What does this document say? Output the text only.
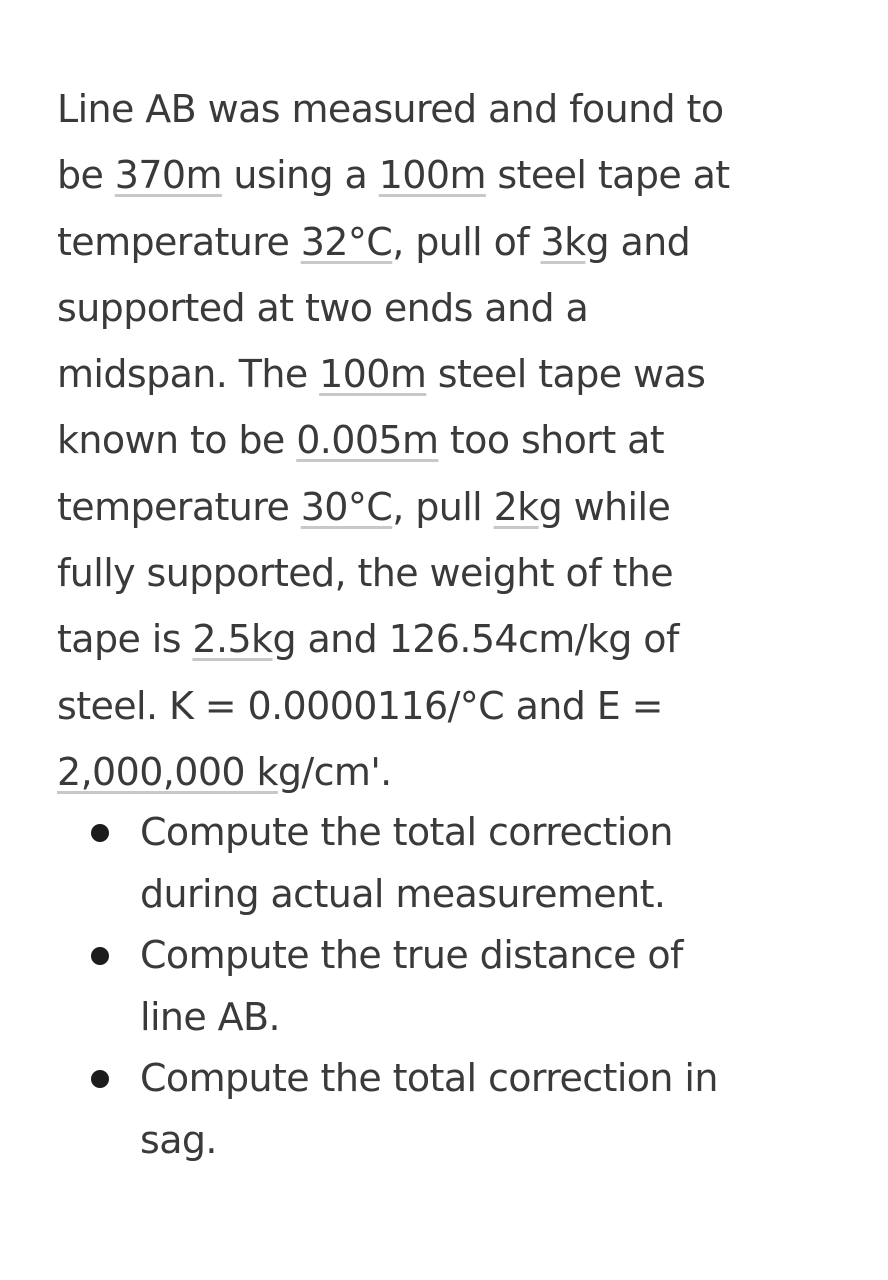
Line AB was measured and found to
be 370m using a 100m steel tape at
temperature 32°C, pull of 3kg and
supported at two ends and a
midspan. The 100m steel tape was
known to be 0.005m too short at
temperature 30°C, pull 2kg while
fully supported, the weight of the
tape is 2.5kg and 126.54cm/kg of
steel. K = 0.0000116/°C and E =
2,000,000 kg/cm'.
Compute the total correction
during actual measurement.
Compute the true distance of
line AB.
Compute the total correction in
sag.
